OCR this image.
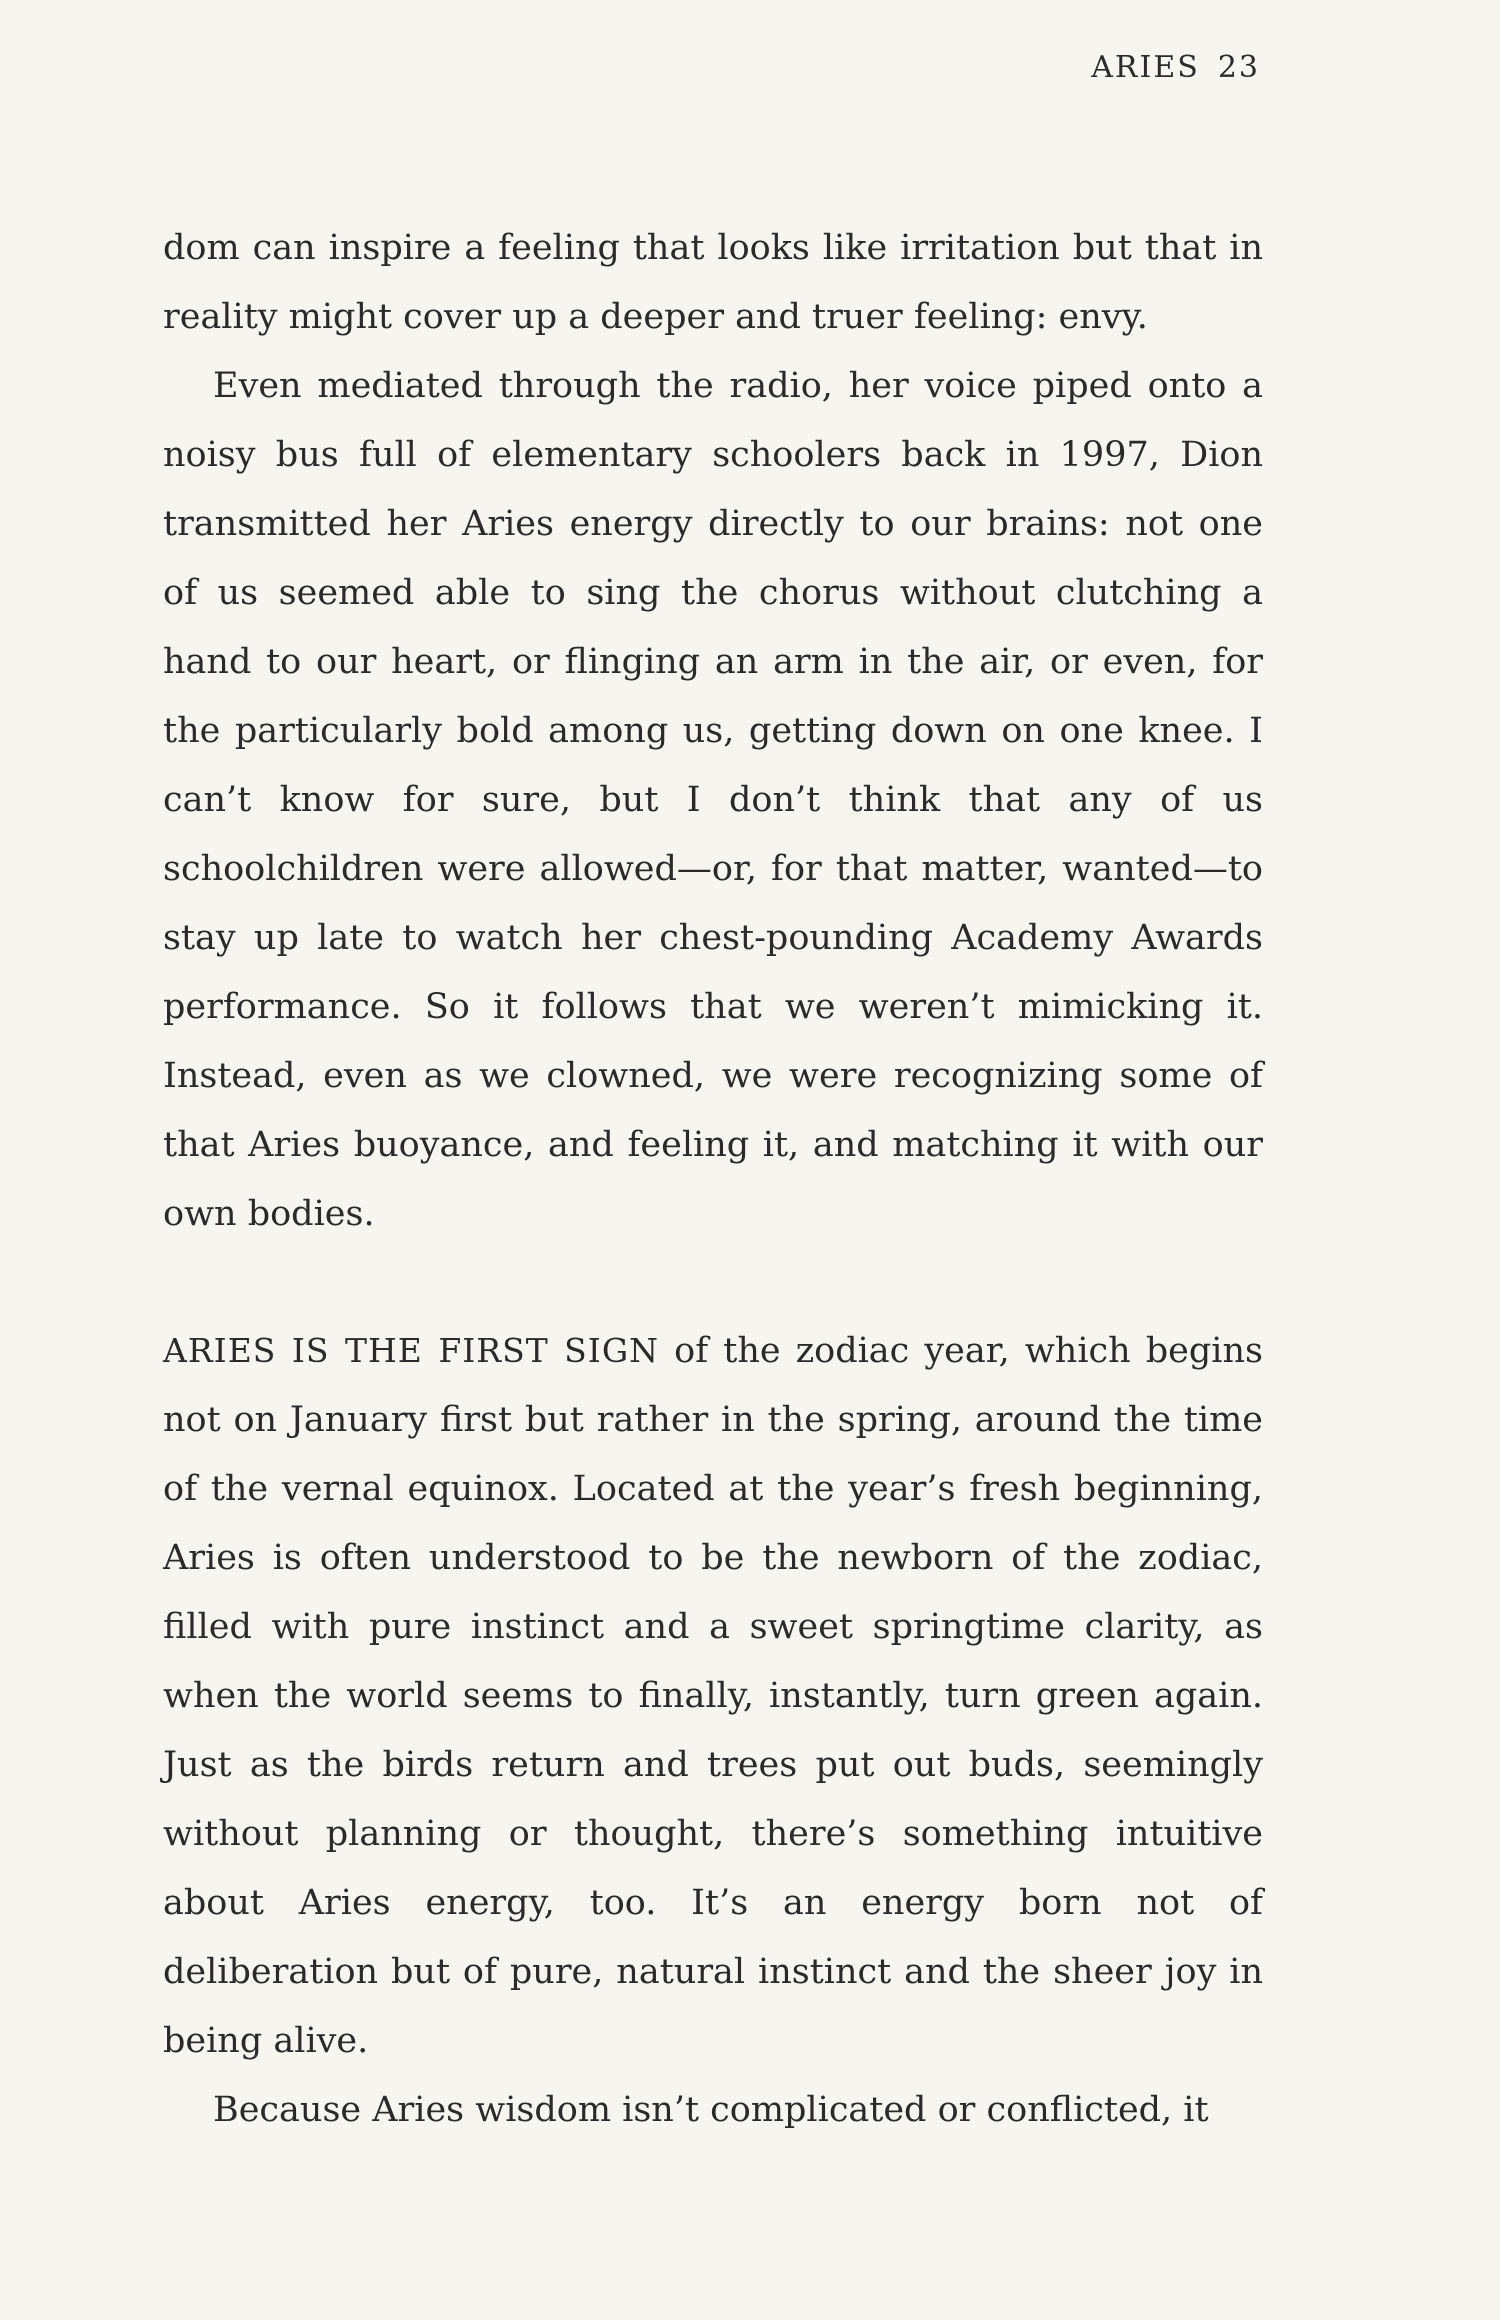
ARIES 23

dom can inspire a feeling that looks like irritation but that in reality might cover up a deeper and truer feeling: envy.

Even mediated through the radio, her voice piped onto a noisy bus full of elementary schoolers back in 1997, Dion transmitted her Aries energy directly to our brains: not one of us seemed able to sing the chorus without clutching a hand to our heart, or flinging an arm in the air, or even, for the particularly bold among us, getting down on one knee. I can’t know for sure, but I don’t think that any of us schoolchildren were allowed—or, for that matter, wanted—to stay up late to watch her chest-pounding Academy Awards performance. So it follows that we weren’t mimicking it. Instead, even as we clowned, we were recognizing some of that Aries buoyance, and feeling it, and matching it with our own bodies.

ARIES IS THE FIRST SIGN of the zodiac year, which begins not on January first but rather in the spring, around the time of the vernal equinox. Located at the year’s fresh beginning, Aries is often understood to be the newborn of the zodiac, filled with pure instinct and a sweet springtime clarity, as when the world seems to finally, instantly, turn green again. Just as the birds return and trees put out buds, seemingly without planning or thought, there’s something intuitive about Aries energy, too. It’s an energy born not of deliberation but of pure, natural instinct and the sheer joy in being alive.

Because Aries wisdom isn’t complicated or conflicted, it
